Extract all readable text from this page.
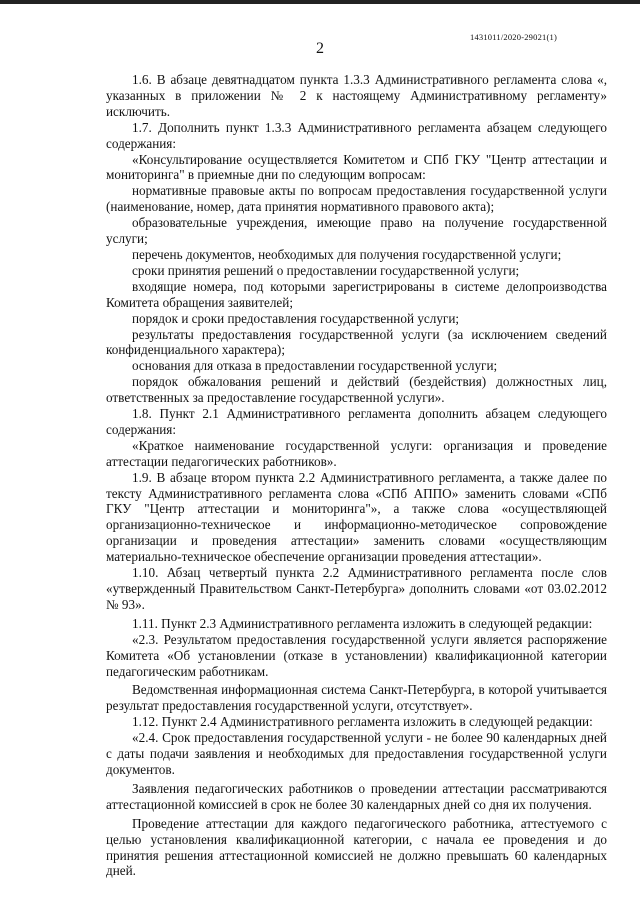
1431011/2020-29021(1)
2

1.6. В абзаце девятнадцатом пункта 1.3.3 Административного регламента слова «, указанных в приложении № 2 к настоящему Административному регламенту» исключить.

1.7. Дополнить пункт 1.3.3 Административного регламента абзацем следующего содержания:

«Консультирование осуществляется Комитетом и СПб ГКУ "Центр аттестации и мониторинга" в приемные дни по следующим вопросам:

нормативные правовые акты по вопросам предоставления государственной услуги (наименование, номер, дата принятия нормативного правового акта);

образовательные учреждения, имеющие право на получение государственной услуги;

перечень документов, необходимых для получения государственной услуги;

сроки принятия решений о предоставлении государственной услуги;

входящие номера, под которыми зарегистрированы в системе делопроизводства Комитета обращения заявителей;

порядок и сроки предоставления государственной услуги;

результаты предоставления государственной услуги (за исключением сведений конфиденциального характера);

основания для отказа в предоставлении государственной услуги;

порядок обжалования решений и действий (бездействия) должностных лиц, ответственных за предоставление государственной услуги».

1.8. Пункт 2.1 Административного регламента дополнить абзацем следующего содержания:

«Краткое наименование государственной услуги: организация и проведение аттестации педагогических работников».

1.9. В абзаце втором пункта 2.2 Административного регламента, а также далее по тексту Административного регламента слова «СПб АППО» заменить словами «СПб ГКУ "Центр аттестации и мониторинга"», а также слова «осуществляющей организационно-техническое и информационно-методическое сопровождение организации и проведения аттестации» заменить словами «осуществляющим материально-техническое обеспечение организации проведения аттестации».

1.10. Абзац четвертый пункта 2.2 Административного регламента после слов «утвержденный Правительством Санкт-Петербурга» дополнить словами «от 03.02.2012 № 93».

1.11. Пункт 2.3 Административного регламента изложить в следующей редакции:

«2.3. Результатом предоставления государственной услуги является распоряжение Комитета «Об установлении (отказе в установлении) квалификационной категории педагогическим работникам.

Ведомственная информационная система Санкт-Петербурга, в которой учитывается результат предоставления государственной услуги, отсутствует».

1.12. Пункт 2.4 Административного регламента изложить в следующей редакции:

«2.4. Срок предоставления государственной услуги - не более 90 календарных дней с даты подачи заявления и необходимых для предоставления государственной услуги документов.

Заявления педагогических работников о проведении аттестации рассматриваются аттестационной комиссией в срок не более 30 календарных дней со дня их получения.

Проведение аттестации для каждого педагогического работника, аттестуемого с целью установления квалификационной категории, с начала ее проведения и до принятия решения аттестационной комиссией не должно превышать 60 календарных дней.
